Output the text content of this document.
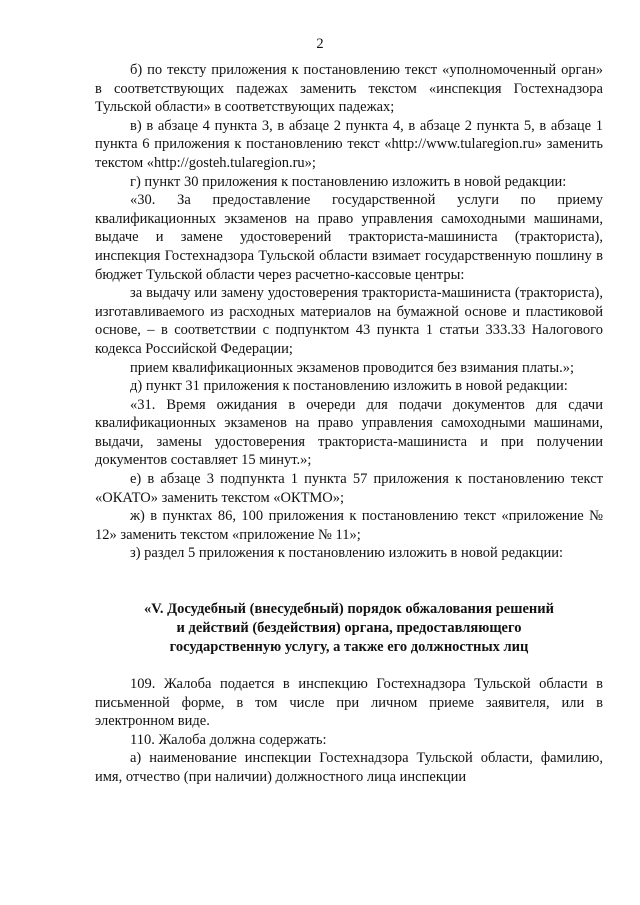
2

б) по тексту приложения к постановлению текст «уполномоченный орган» в соответствующих падежах заменить текстом «инспекция Гостехнадзора Тульской области» в соответствующих падежах;

в) в абзаце 4 пункта 3, в абзаце 2 пункта 4, в абзаце 2 пункта 5, в абзаце 1 пункта 6 приложения к постановлению текст «http://www.tularegion.ru» заменить текстом «http://gosteh.tularegion.ru»;

г) пункт 30 приложения к постановлению изложить в новой редакции:

«30. За предоставление государственной услуги по приему квалификационных экзаменов на право управления самоходными машинами, выдаче и замене удостоверений тракториста-машиниста (тракториста), инспекция Гостехнадзора Тульской области взимает государственную пошлину в бюджет Тульской области через расчетно-кассовые центры:

за выдачу или замену удостоверения тракториста-машиниста (тракториста), изготавливаемого из расходных материалов на бумажной основе и пластиковой основе, – в соответствии с подпунктом 43 пункта 1 статьи 333.33 Налогового кодекса Российской Федерации;

прием квалификационных экзаменов проводится без взимания платы.»;

д) пункт 31 приложения к постановлению изложить в новой редакции:

«31. Время ожидания в очереди для подачи документов для сдачи квалификационных экзаменов на право управления самоходными машинами, выдачи, замены удостоверения тракториста-машиниста и при получении документов составляет 15 минут.»;

е) в абзаце 3 подпункта 1 пункта 57 приложения к постановлению текст «ОКАТО» заменить текстом «ОКТМО»;

ж) в пунктах 86, 100 приложения к постановлению текст «приложение № 12» заменить текстом «приложение № 11»;

з) раздел 5 приложения к постановлению изложить в новой редакции:

«V. Досудебный (внесудебный) порядок обжалования решений
и действий (бездействия) органа, предоставляющего
государственную услугу, а также его должностных лиц

109. Жалоба подается в инспекцию Гостехнадзора Тульской области в письменной форме, в том числе при личном приеме заявителя, или в электронном виде.

110. Жалоба должна содержать:

а) наименование инспекции Гостехнадзора Тульской области, фамилию, имя, отчество (при наличии) должностного лица инспекции
